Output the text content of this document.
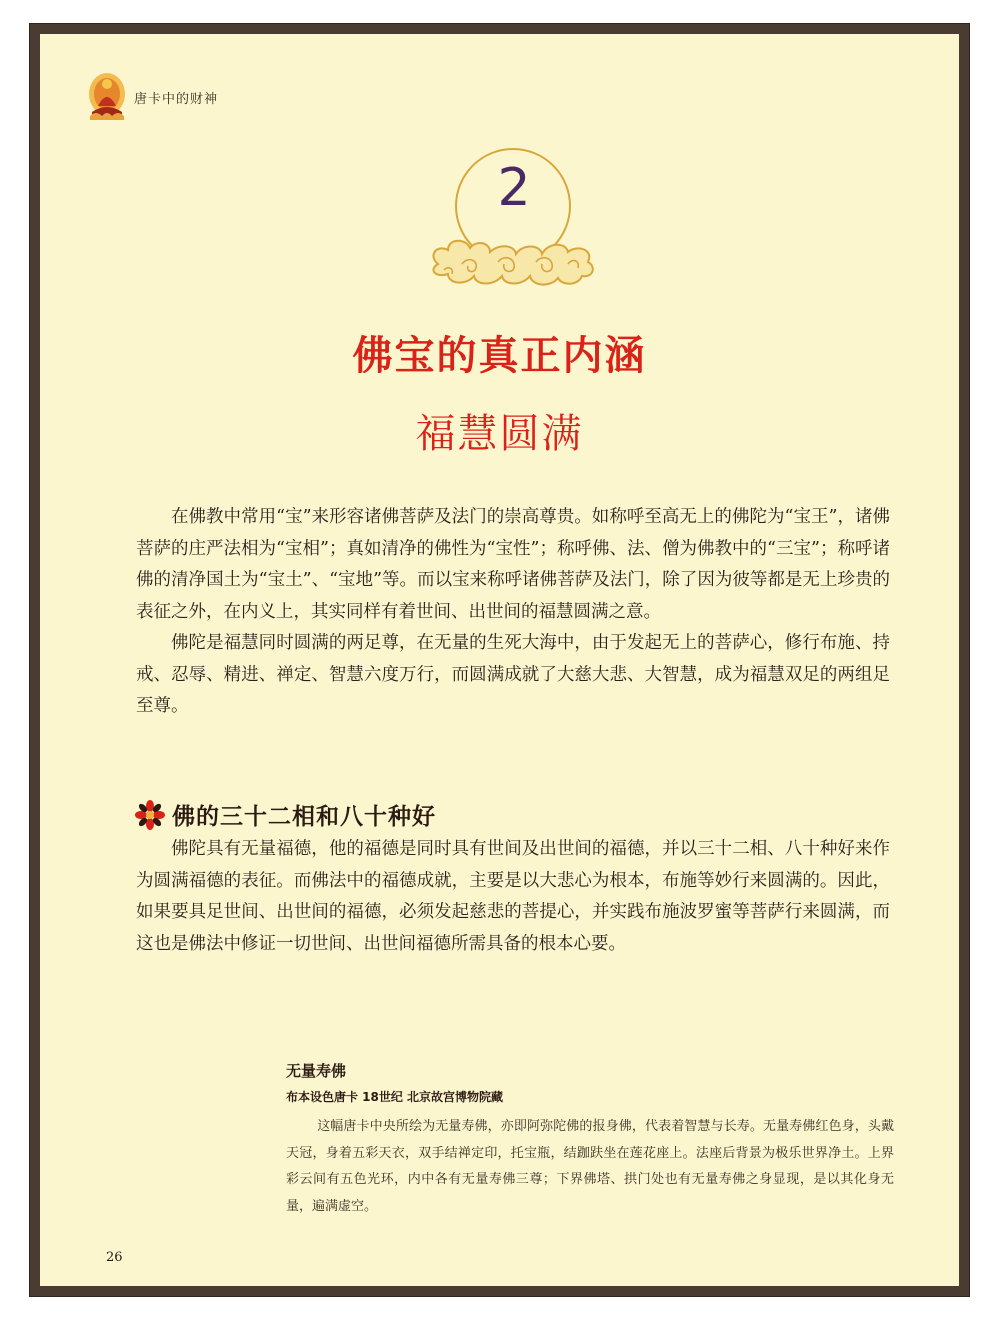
唐卡中的财神
2
佛宝的真正内涵
福慧圆满

在佛教中常用“宝”来形容诸佛菩萨及法门的崇高尊贵。如称呼至高无上的佛陀为“宝王”，诸佛菩萨的庄严法相为“宝相”；真如清净的佛性为“宝性”；称呼佛、法、僧为佛教中的“三宝”；称呼诸佛的清净国土为“宝土”、“宝地”等。而以宝来称呼诸佛菩萨及法门，除了因为彼等都是无上珍贵的表征之外，在内义上，其实同样有着世间、出世间的福慧圆满之意。

佛陀是福慧同时圆满的两足尊，在无量的生死大海中，由于发起无上的菩萨心，修行布施、持戒、忍辱、精进、禅定、智慧六度万行，而圆满成就了大慈大悲、大智慧，成为福慧双足的两组足至尊。

佛的三十二相和八十种好

佛陀具有无量福德，他的福德是同时具有世间及出世间的福德，并以三十二相、八十种好来作为圆满福德的表征。而佛法中的福德成就，主要是以大悲心为根本，布施等妙行来圆满的。因此，如果要具足世间、出世间的福德，必须发起慈悲的菩提心，并实践布施波罗蜜等菩萨行来圆满，而这也是佛法中修证一切世间、出世间福德所需具备的根本心要。

无量寿佛
布本设色唐卡 18世纪 北京故宫博物院藏

这幅唐卡中央所绘为无量寿佛，亦即阿弥陀佛的报身佛，代表着智慧与长寿。无量寿佛红色身，头戴天冠，身着五彩天衣，双手结禅定印，托宝瓶，结跏趺坐在莲花座上。法座后背景为极乐世界净土。上界彩云间有五色光环，内中各有无量寿佛三尊；下界佛塔、拱门处也有无量寿佛之身显现，是以其化身无量，遍满虚空。

26
